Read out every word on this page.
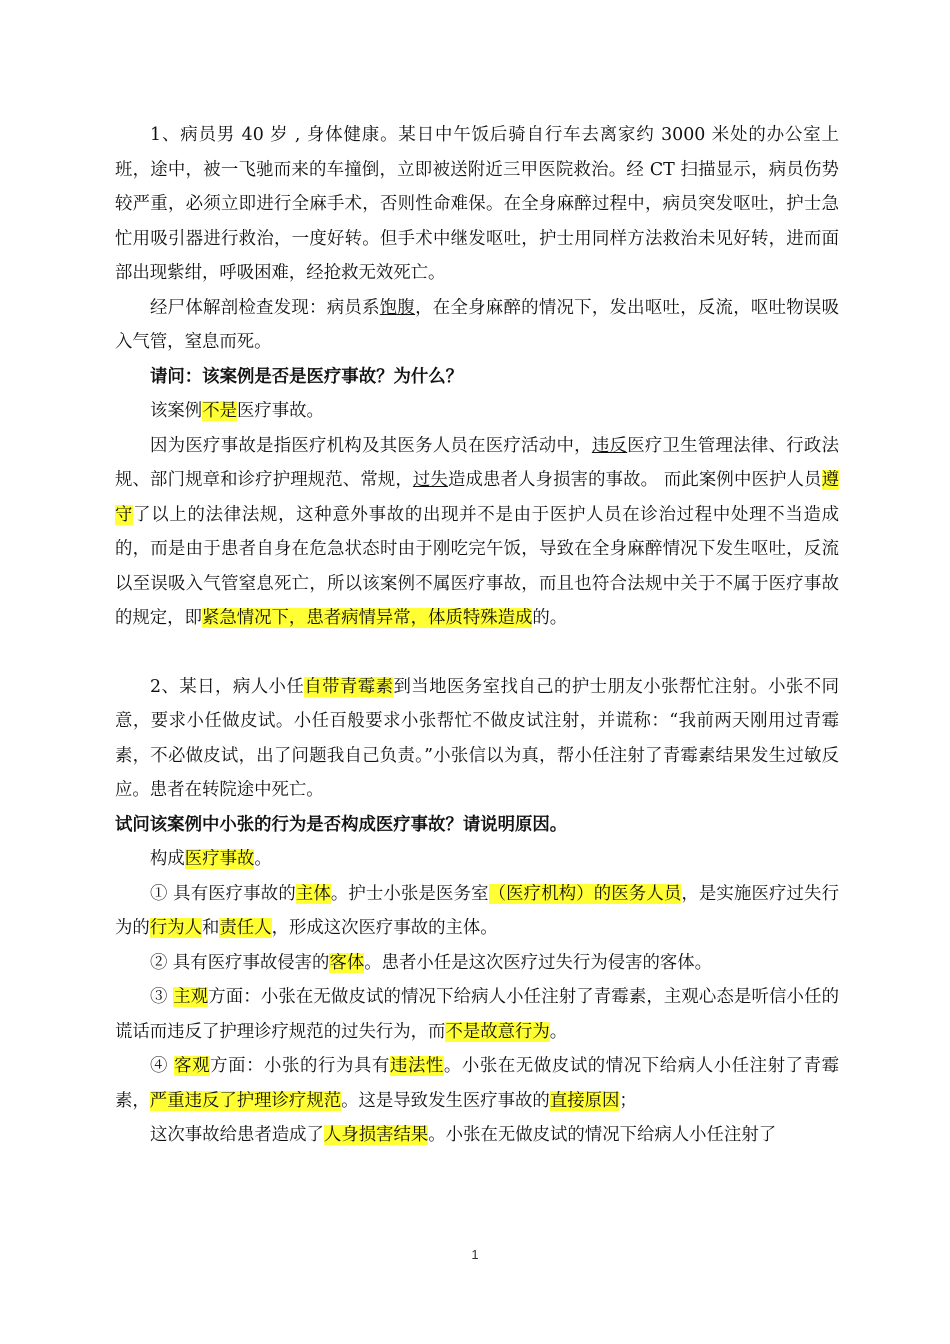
1、病员男 40 岁 , 身体健康。某日中午饭后骑自行车去离家约 3000 米处的办公室上班，途中，被一飞驰而来的车撞倒，立即被送附近三甲医院救治。经 CT 扫描显示，病员伤势较严重，必须立即进行全麻手术，否则性命难保。在全身麻醉过程中，病员突发呕吐，护士急忙用吸引器进行救治，一度好转。但手术中继发呕吐，护士用同样方法救治未见好转，进而面部出现紫绀，呼吸困难，经抢救无效死亡。

经尸体解剖检查发现：病员系饱腹，在全身麻醉的情况下，发出呕吐，反流，呕吐物误吸入气管，窒息而死。

请问：该案例是否是医疗事故？为什么？

该案例不是医疗事故。

因为医疗事故是指医疗机构及其医务人员在医疗活动中，违反医疗卫生管理法律、行政法规、部门规章和诊疗护理规范、常规，过失造成患者人身损害的事故。 而此案例中医护人员遵守了以上的法律法规，这种意外事故的出现并不是由于医护人员在诊治过程中处理不当造成的，而是由于患者自身在危急状态时由于刚吃完午饭，导致在全身麻醉情况下发生呕吐，反流以至误吸入气管窒息死亡，所以该案例不属医疗事故，而且也符合法规中关于不属于医疗事故的规定，即紧急情况下，患者病情异常，体质特殊造成的。

2、某日，病人小任自带青霉素到当地医务室找自己的护士朋友小张帮忙注射。小张不同意，要求小任做皮试。小任百般要求小张帮忙不做皮试注射，并谎称：“我前两天刚用过青霉素，不必做皮试，出了问题我自己负责。”小张信以为真，帮小任注射了青霉素结果发生过敏反应。患者在转院途中死亡。

试问该案例中小张的行为是否构成医疗事故？请说明原因。

构成医疗事故。

① 具有医疗事故的主体。护士小张是医务室（医疗机构）的医务人员，是实施医疗过失行为的行为人和责任人，形成这次医疗事故的主体。

② 具有医疗事故侵害的客体。患者小任是这次医疗过失行为侵害的客体。

③ 主观方面：小张在无做皮试的情况下给病人小任注射了青霉素，主观心态是听信小任的谎话而违反了护理诊疗规范的过失行为，而不是故意行为。

④ 客观方面：小张的行为具有违法性。小张在无做皮试的情况下给病人小任注射了青霉素，严重违反了护理诊疗规范。这是导致发生医疗事故的直接原因；

这次事故给患者造成了人身损害结果。小张在无做皮试的情况下给病人小任注射了

1
